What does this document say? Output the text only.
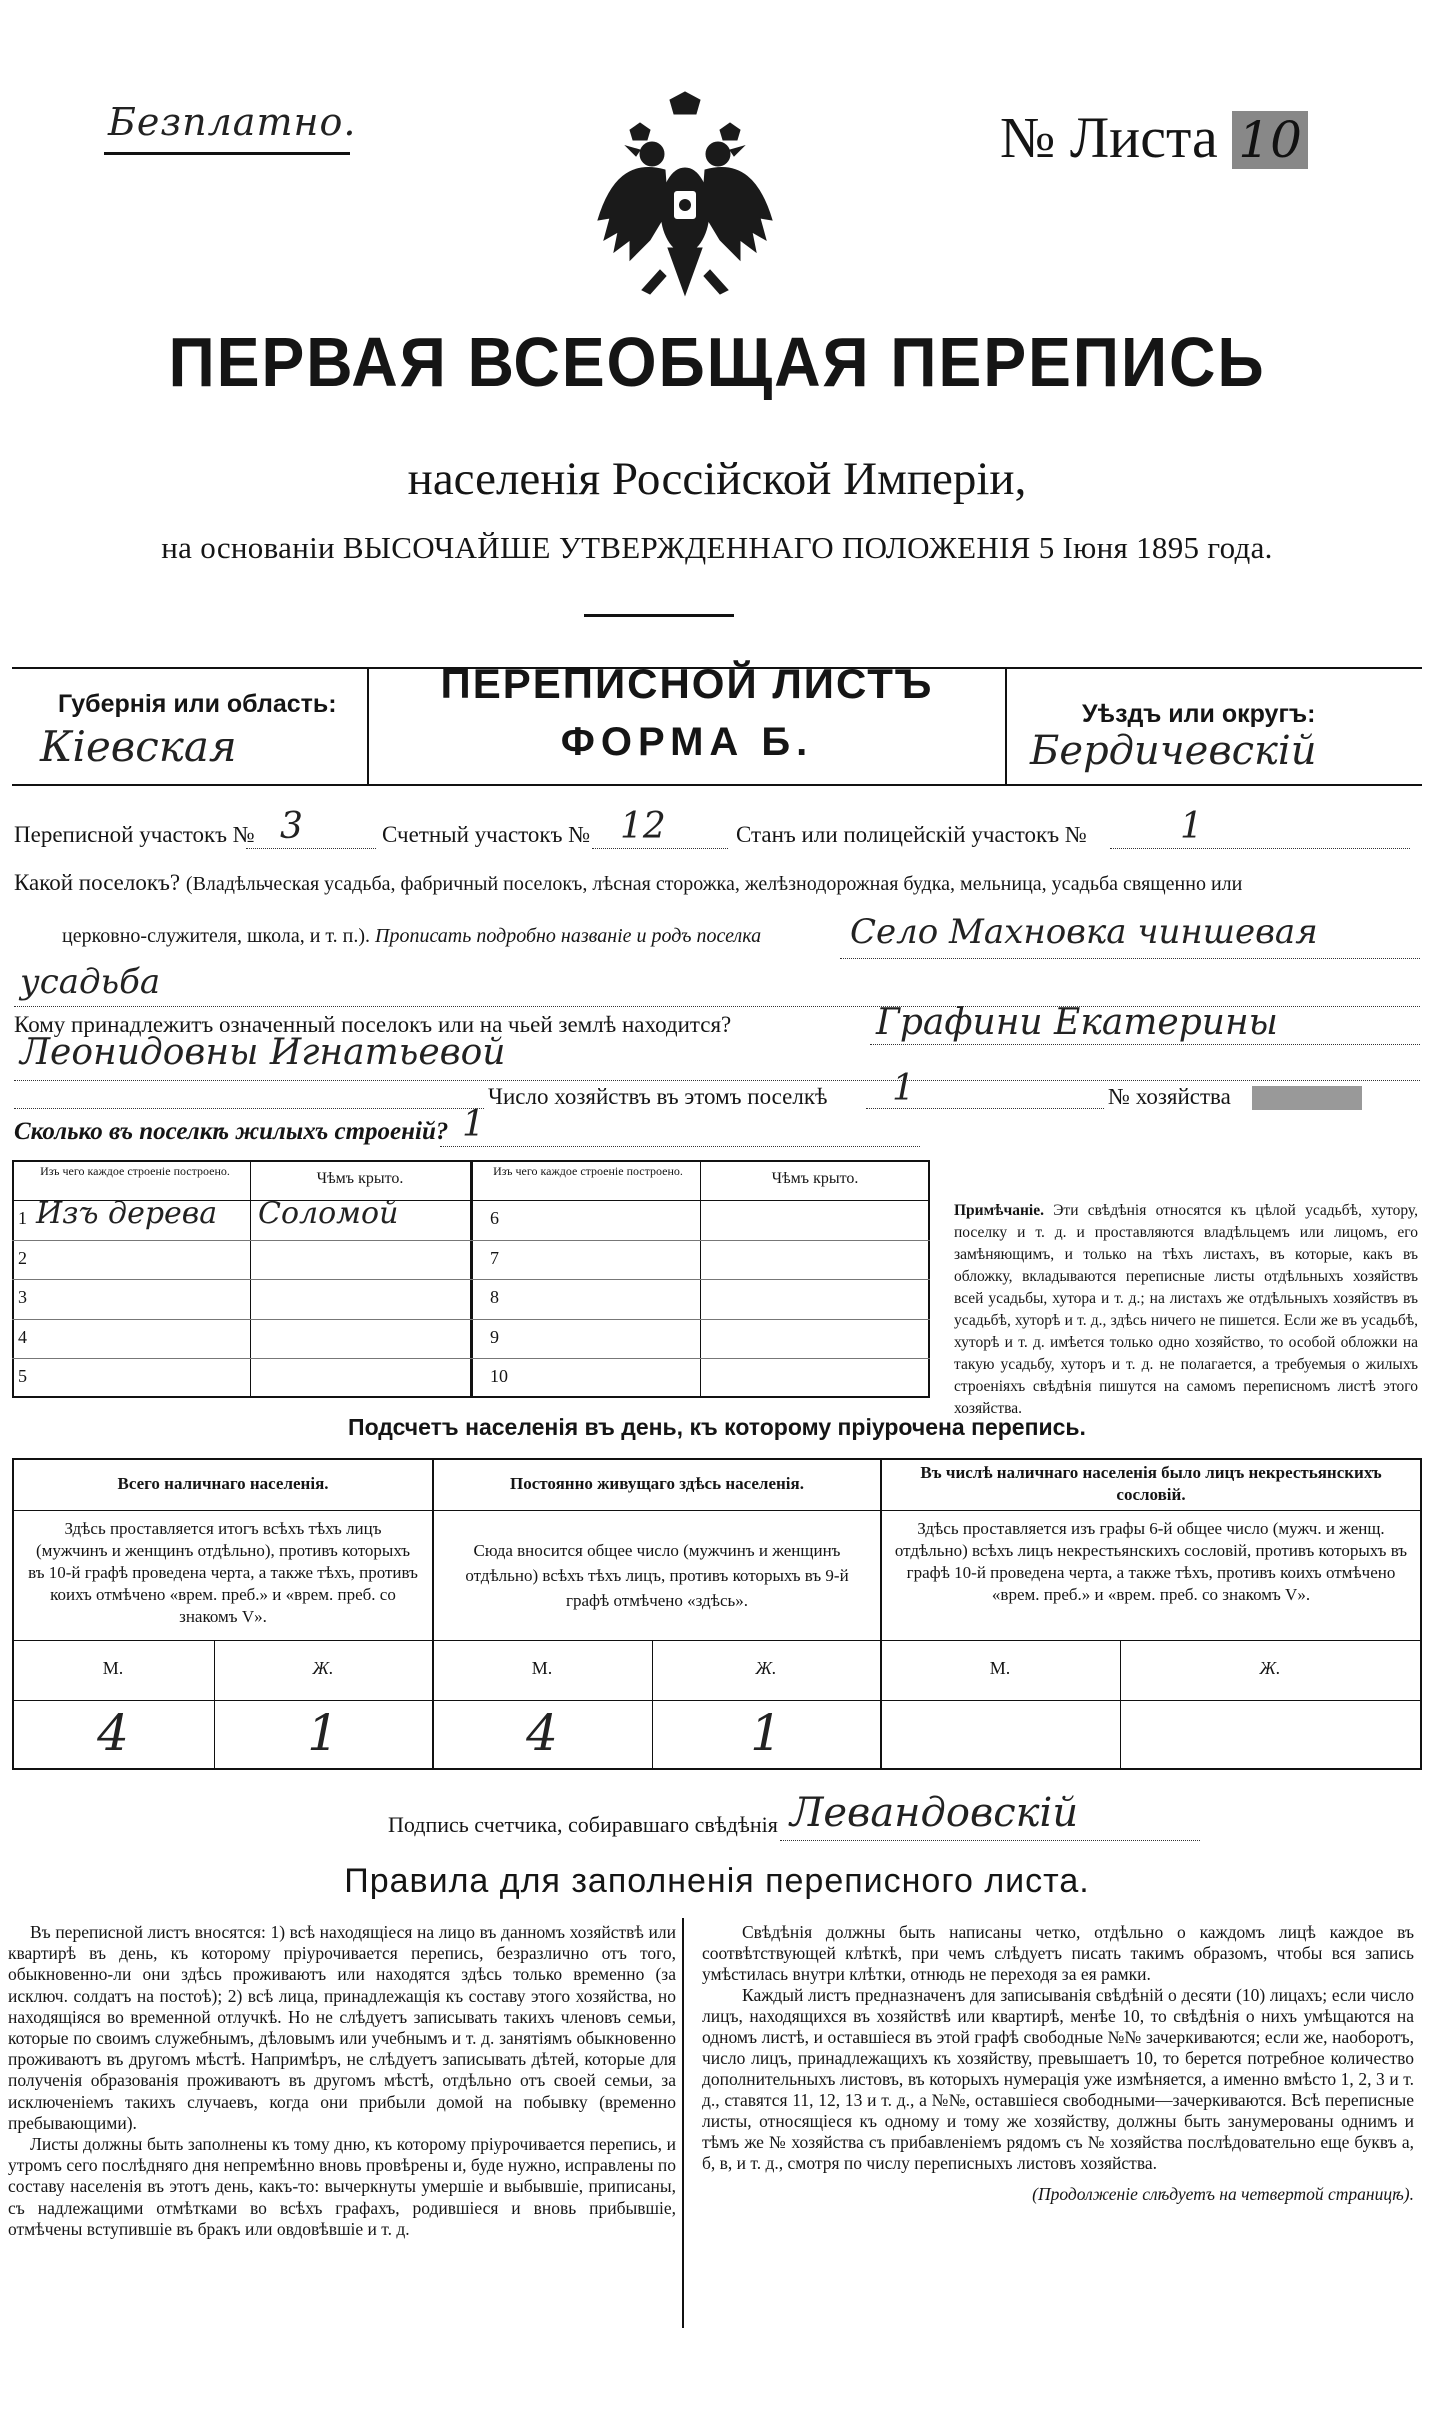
Безплатно.	№ Листа 10
ПЕРВАЯ ВСЕОБЩАЯ ПЕРЕПИСЬ
населенія Россійской Имперіи,
на основаніи ВЫСОЧАЙШЕ УТВЕРЖДЕННАГО ПОЛОЖЕНІЯ 5 Іюня 1895 года.
Губернія или область:
Кіевская
ПЕРЕПИСНОЙ ЛИСТЪ
ФОРМА Б.
Уѣздъ или округъ:
Бердичевскій
Переписной участокъ № 3	Счетный участокъ № 12	Станъ или полицейскій участокъ №	1
Какой поселокъ? (Владѣльческая усадьба, фабричный поселокъ, лѣсная сторожка, желѣзнодорожная будка, мельница, усадьба священно или
церковно-служителя, школа, и т. п.). Прописать подробно названіе и родъ поселка	Село Махновка чиншевая
усадьба
Кому принадлежитъ означенный поселокъ или на чьей землѣ находится?	Графини Екатерины
Леонидовны Игнатьевой
Число хозяйствъ въ этомъ поселкѣ 1	№ хозяйства
Сколько въ поселкѣ жилыхъ строеній? 1
Изъ чего каждое строеніе построено.	Чѣмъ крыто.	Изъ чего каждое строеніе построено.	Чѣмъ крыто.
1 Изъ дерева Соломой
2
3
4
5
6
7
8
9
10
Примѣчаніе. Эти свѣдѣнія относятся къ цѣлой усадьбѣ, хутору, поселку и т. д. и проставляются владѣльцемъ или лицомъ, его замѣняющимъ, и только на тѣхъ листахъ, въ которые, какъ въ обложку, вкладываются переписные листы отдѣльныхъ хозяйствъ всей усадьбы, хутора и т. д.; на листахъ же отдѣльныхъ хозяйствъ въ усадьбѣ, хуторѣ и т. д., здѣсь ничего не пишется. Если же въ усадьбѣ, хуторѣ и т. д. имѣется только одно хозяйство, то особой обложки на такую усадьбу, хуторъ и т. д. не полагается, а требуемыя о жилыхъ строеніяхъ свѣдѣнія пишутся на самомъ переписномъ листѣ этого хозяйства.
Подсчетъ населенія въ день, къ которому пріурочена перепись.
Всего наличнаго населенія.	Постоянно живущаго здѣсь населенія.
Въ числѣ наличнаго населенія было лицъ некрестьянскихъ сословій.
Здѣсь проставляется итогъ всѣхъ тѣхъ лицъ (мужчинъ и женщинъ отдѣльно), противъ которыхъ въ 10-й графѣ проведена черта, а также тѣхъ, противъ коихъ отмѣчено «врем. преб.» и «врем. преб. со знакомъ V».
Сюда вносится общее число (мужчинъ и женщинъ отдѣльно) всѣхъ тѣхъ лицъ, противъ которыхъ въ 9-й графѣ отмѣчено «здѣсь».
Здѣсь проставляется изъ графы 6-й общее число (мужч. и женщ. отдѣльно) всѣхъ лицъ некрестьянскихъ сословій, противъ которыхъ въ графѣ 10-й проведена черта, а также тѣхъ, противъ коихъ отмѣчено «врем. преб.» и «врем. преб. со знакомъ V».
М.	Ж.	М.	Ж.	М.	Ж.
4	1	4	1
Подпись счетчика, собиравшаго свѣдѣнія Левандовскій
Правила для заполненія переписного листа.
Въ переписной листъ вносятся: 1) всѣ находящіеся на лицо въ данномъ хозяйствѣ или квартирѣ въ день, къ которому пріурочивается перепись, безразлично отъ того, обыкновенно-ли они здѣсь проживаютъ или находятся здѣсь только временно (за исключ. солдатъ на постоѣ); 2) всѣ лица, принадлежащія къ составу этого хозяйства, но находящіяся во временной отлучкѣ. Но не слѣдуетъ записывать такихъ членовъ семьи, которые по своимъ служебнымъ, дѣловымъ или учебнымъ и т. д. занятіямъ обыкновенно проживаютъ въ другомъ мѣстѣ. Напримѣръ, не слѣдуетъ записывать дѣтей, которые для полученія образованія проживаютъ въ другомъ мѣстѣ, отдѣльно отъ своей семьи, за исключеніемъ такихъ случаевъ, когда они прибыли домой на побывку (временно пребывающими).
Листы должны быть заполнены къ тому дню, къ которому пріурочивается перепись, и утромъ сего послѣдняго дня непремѣнно вновь провѣрены и, буде нужно, исправлены по составу населенія въ этотъ день, какъ-то: вычеркнуты умершіе и выбывшіе, приписаны, съ надлежащими отмѣтками во всѣхъ графахъ, родившіеся и вновь прибывшіе, отмѣчены вступившіе въ бракъ или овдовѣвшіе и т. д.
Свѣдѣнія должны быть написаны четко, отдѣльно о каждомъ лицѣ каждое въ соотвѣтствующей клѣткѣ, при чемъ слѣдуетъ писать такимъ образомъ, чтобы вся запись умѣстилась внутри клѣтки, отнюдь не переходя за ея рамки.
Каждый листъ предназначенъ для записыванія свѣдѣній о десяти (10) лицахъ; если число лицъ, находящихся въ хозяйствѣ или квартирѣ, менѣе 10, то свѣдѣнія о нихъ умѣщаются на одномъ листѣ, и оставшіеся въ этой графѣ свободные №№ зачеркиваются; если же, наоборотъ, число лицъ, принадлежащихъ къ хозяйству, превышаетъ 10, то берется потребное количество дополнительныхъ листовъ, въ которыхъ нумерація уже измѣняется, а именно вмѣсто 1, 2, 3 и т. д., ставятся 11, 12, 13 и т. д., а №№, оставшіеся свободными—зачеркиваются. Всѣ переписные листы, относящіеся къ одному и тому же хозяйству, должны быть занумерованы однимъ и тѣмъ же № хозяйства съ прибавленіемъ рядомъ съ № хозяйства послѣдовательно еще буквъ а, б, в, и т. д., смотря по числу переписныхъ листовъ хозяйства.
(Продолженіе слѣдуетъ на четвертой страницѣ).
